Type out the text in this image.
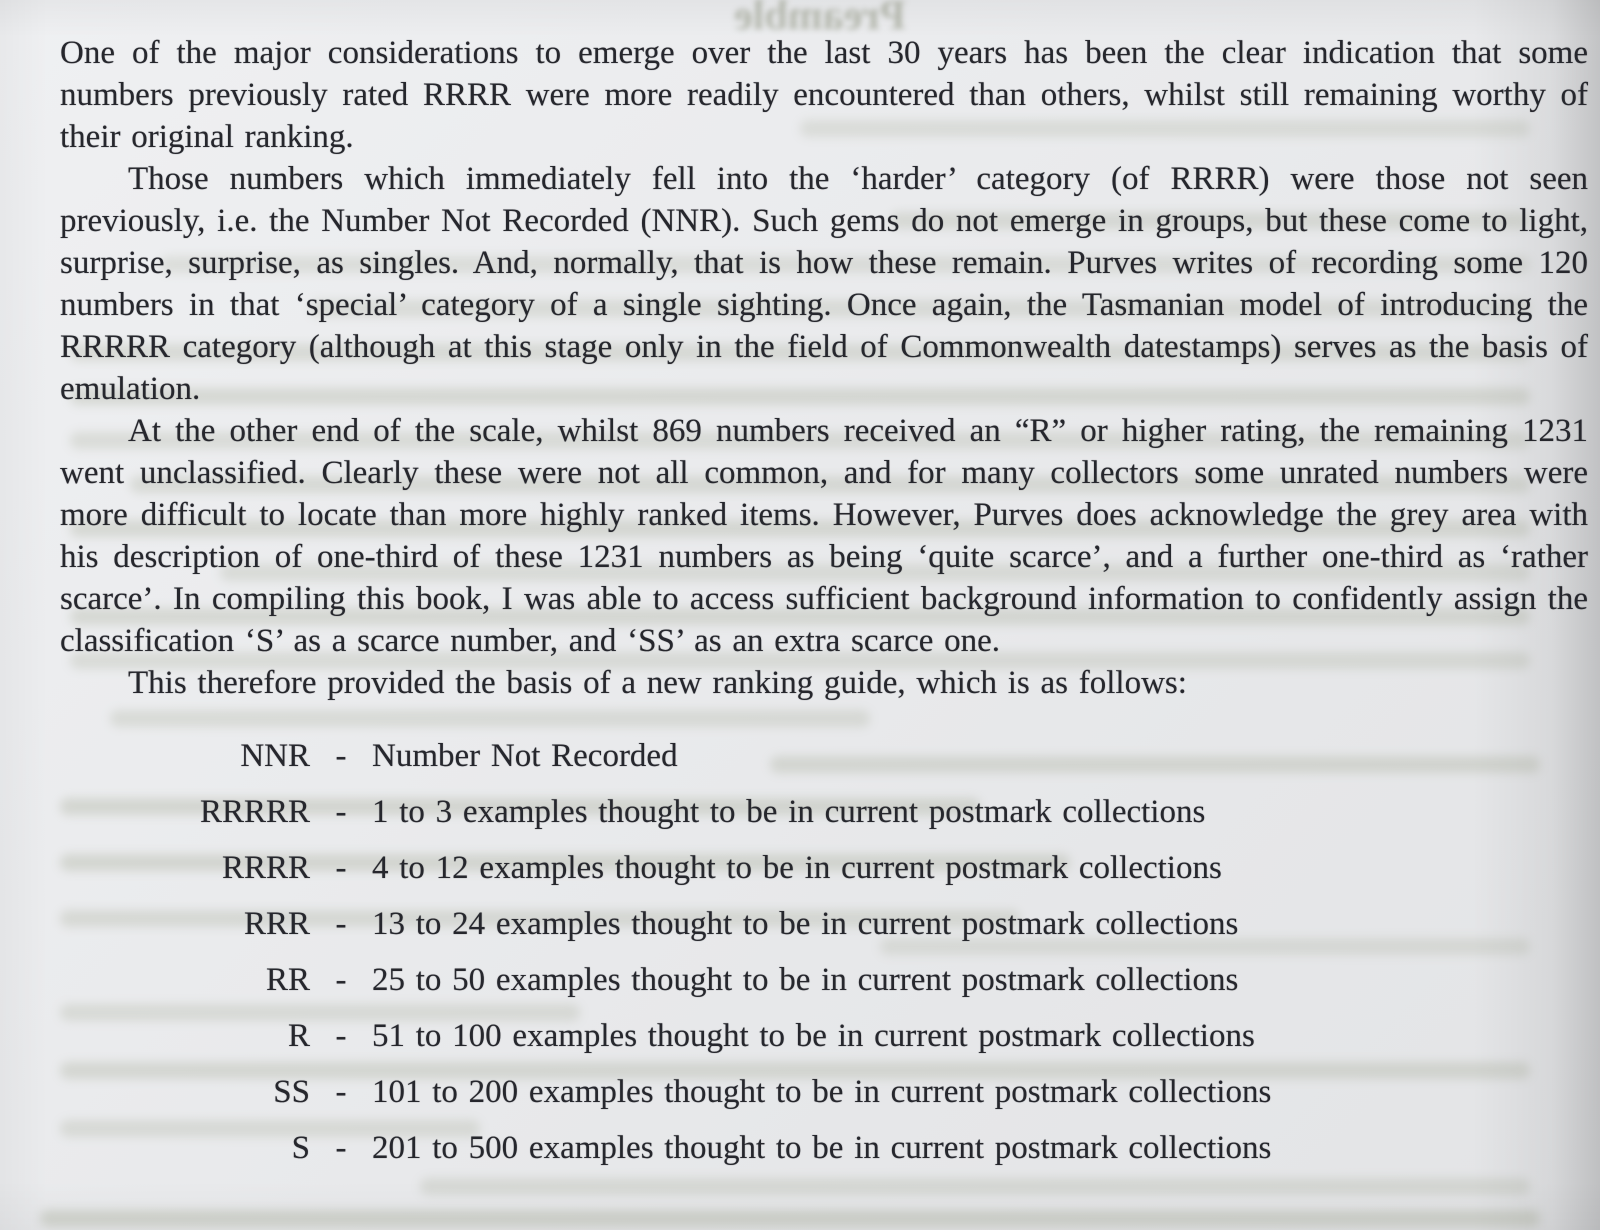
Preamble

One of the major considerations to emerge over the last 30 years has been the clear indication that some numbers previously rated RRRR were more readily encountered than others, whilst still remaining worthy of their original ranking.

Those numbers which immediately fell into the ‘harder’ category (of RRRR) were those not seen previously, i.e. the Number Not Recorded (NNR). Such gems do not emerge in groups, but these come to light, surprise, surprise, as singles. And, normally, that is how these remain. Purves writes of recording some 120 numbers in that ‘special’ category of a single sighting. Once again, the Tasmanian model of introducing the RRRRR category (although at this stage only in the field of Commonwealth datestamps) serves as the basis of emulation.

At the other end of the scale, whilst 869 numbers received an “R” or higher rating, the remaining 1231 went unclassified. Clearly these were not all common, and for many collectors some unrated numbers were more difficult to locate than more highly ranked items. However, Purves does acknowledge the grey area with his description of one-third of these 1231 numbers as being ‘quite scarce’, and a further one-third as ‘rather scarce’. In compiling this book, I was able to access sufficient background information to confidently assign the classification ‘S’ as a scarce number, and ‘SS’ as an extra scarce one.

This therefore provided the basis of a new ranking guide, which is as follows:

NNR - Number Not Recorded
RRRRR - 1 to 3 examples thought to be in current postmark collections
RRRR - 4 to 12 examples thought to be in current postmark collections
RRR - 13 to 24 examples thought to be in current postmark collections
RR - 25 to 50 examples thought to be in current postmark collections
R - 51 to 100 examples thought to be in current postmark collections
SS - 101 to 200 examples thought to be in current postmark collections
S - 201 to 500 examples thought to be in current postmark collections
